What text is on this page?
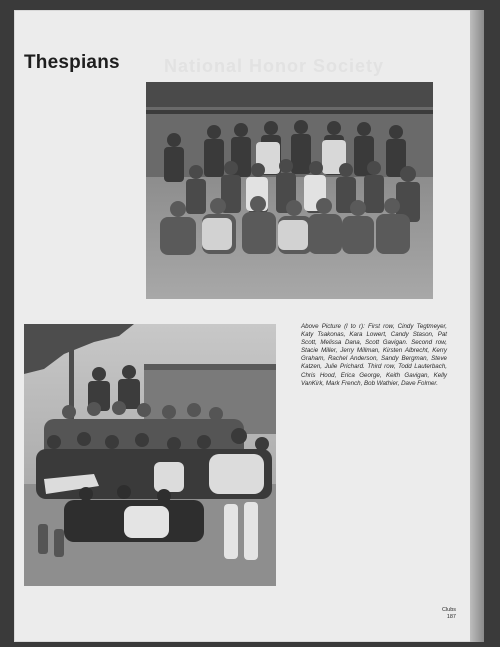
National Honor Society
Thespians

Above Picture (l to r): First row, Cindy Tegtmeyer, Katy Tsakonas, Kara Lowert, Candy Stason, Pat Scott, Melissa Dana, Scott Gavigan. Second row, Stacie Miller, Jerry Millman, Kirsten Albrecht, Kerry Graham, Rachel Anderson, Sandy Bergman, Steve Katzen, Julie Prichard. Third row, Todd Lauterbach, Chris Hood, Erica George, Keith Gavigan, Kelly VanKirk, Mark French, Bob Wathier, Dave Folmer.

Clubs
187
